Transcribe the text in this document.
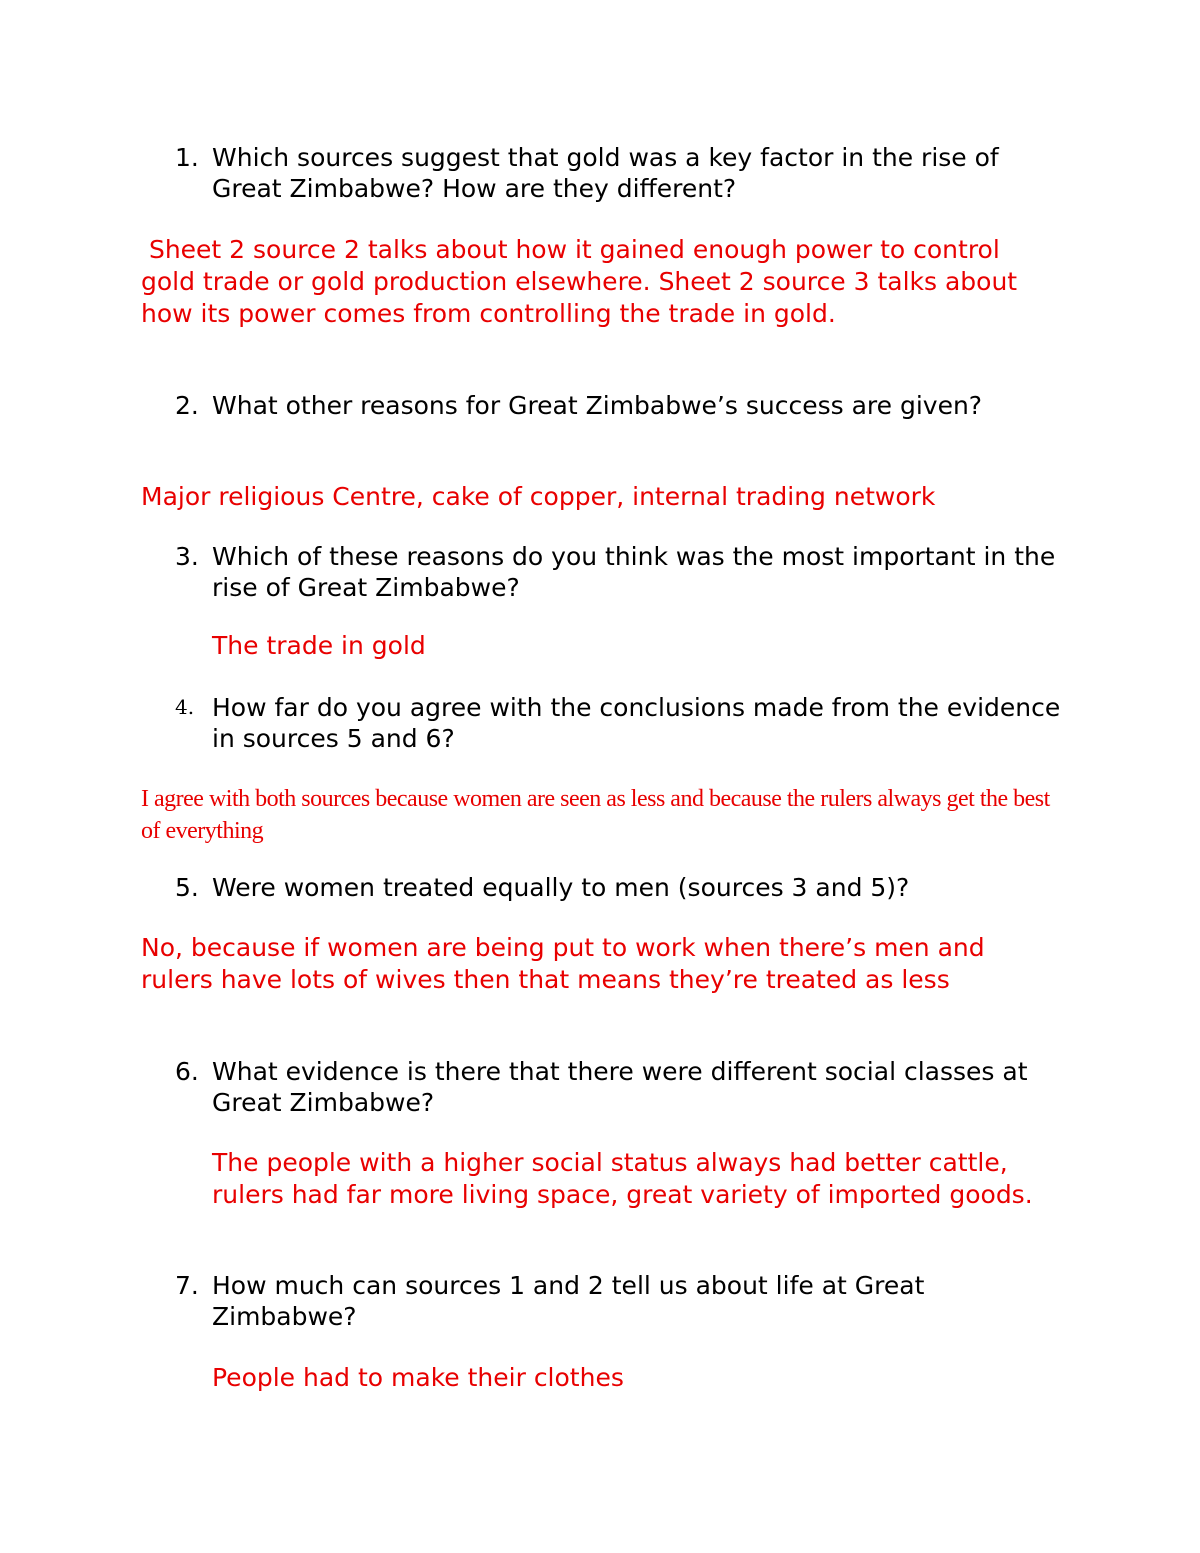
1. Which sources suggest that gold was a key factor in the rise of Great Zimbabwe? How are they different?

Sheet 2 source 2 talks about how it gained enough power to control gold trade or gold production elsewhere. Sheet 2 source 3 talks about how its power comes from controlling the trade in gold.

2. What other reasons for Great Zimbabwe’s success are given?

Major religious Centre, cake of copper, internal trading network

3. Which of these reasons do you think was the most important in the rise of Great Zimbabwe?

The trade in gold

4. How far do you agree with the conclusions made from the evidence in sources 5 and 6?

I agree with both sources because women are seen as less and because the rulers always get the best of everything

5. Were women treated equally to men (sources 3 and 5)?

No, because if women are being put to work when there’s men and rulers have lots of wives then that means they’re treated as less

6. What evidence is there that there were different social classes at Great Zimbabwe?

The people with a higher social status always had better cattle, rulers had far more living space, great variety of imported goods.

7. How much can sources 1 and 2 tell us about life at Great Zimbabwe?

People had to make their clothes
